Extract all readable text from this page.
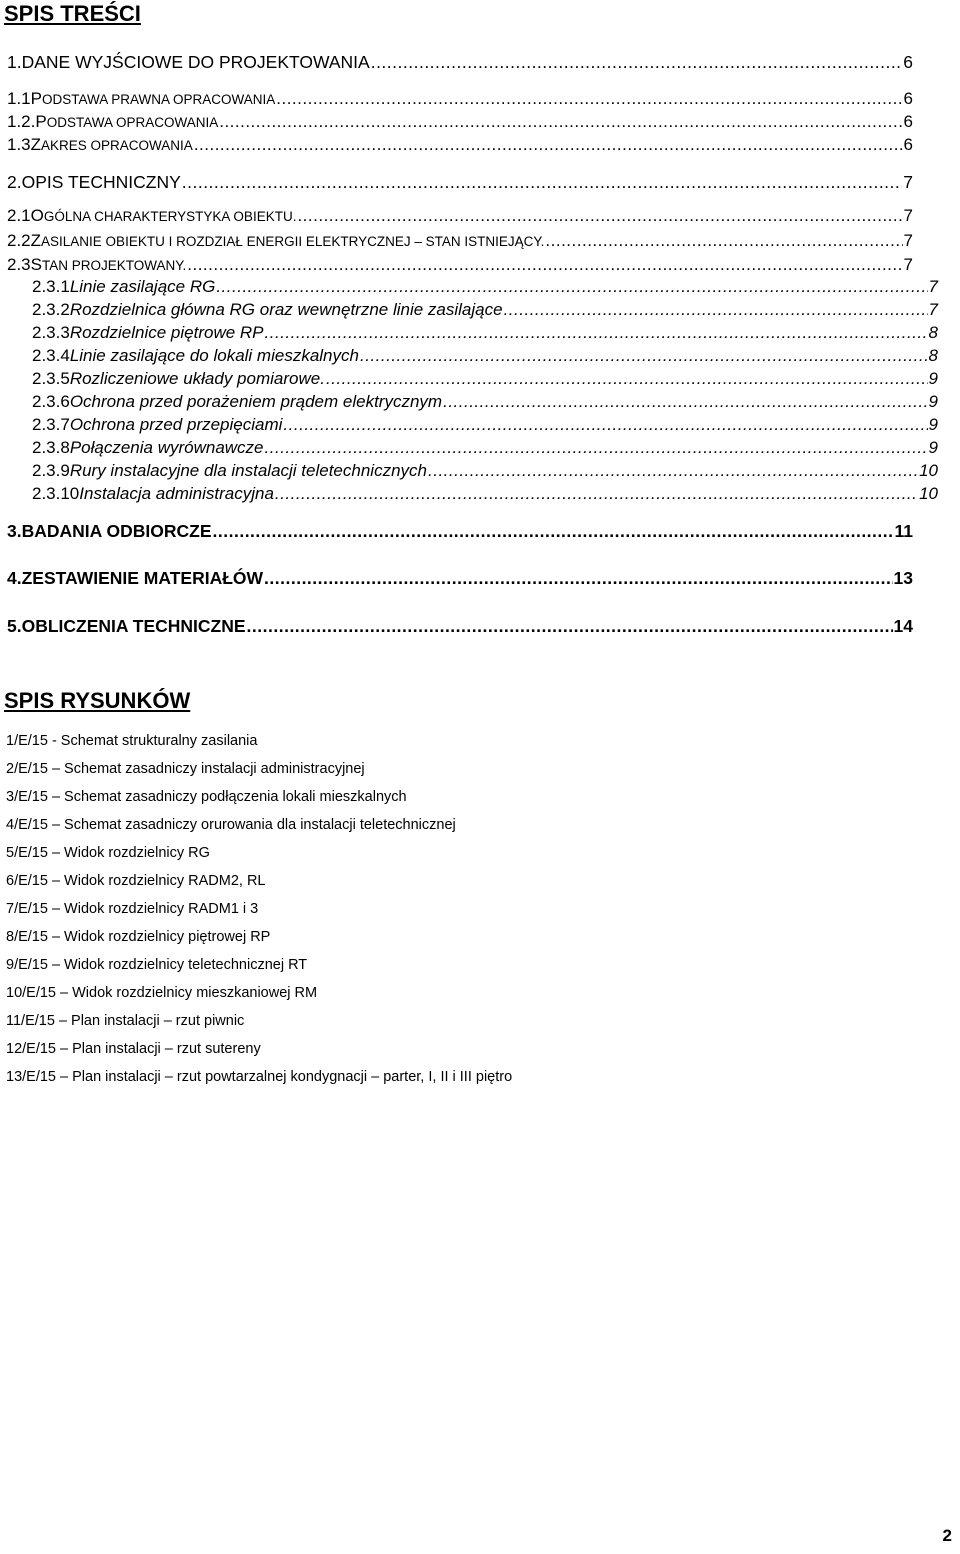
SPIS TREŚCI
1. DANE WYJŚCIOWE DO PROJEKTOWANIA .....	6
1.1 PODSTAWA PRAWNA OPRACOWANIA .....	6
1.2. PODSTAWA OPRACOWANIA .....	6
1.3 ZAKRES OPRACOWANIA .....	6
2. OPIS TECHNICZNY .....	7
2.1 OGÓLNA CHARAKTERYSTYKA OBIEKTU. .....	7
2.2 ZASILANIE OBIEKTU I ROZDZIAŁ ENERGII ELEKTRYCZNEJ – STAN ISTNIEJĄCY. .....	7
2.3 STAN PROJEKTOWANY. .....	7
2.3.1 Linie zasilające RG .....	7
2.3.2 Rozdzielnica główna RG oraz wewnętrzne linie zasilające .....	7
2.3.3 Rozdzielnice piętrowe RP .....	8
2.3.4 Linie zasilające do lokali mieszkalnych .....	8
2.3.5 Rozliczeniowe układy pomiarowe. .....	9
2.3.6 Ochrona przed porażeniem prądem elektrycznym .....	9
2.3.7 Ochrona przed przepięciami .....	9
2.3.8 Połączenia wyrównawcze .....	9
2.3.9 Rury instalacyjne dla instalacji teletechnicznych .....	10
2.3.10 Instalacja administracyjna .....	10
3. BADANIA ODBIORCZE .....	11
4. ZESTAWIENIE MATERIAŁÓW .....	13
5. OBLICZENIA TECHNICZNE .....	14
SPIS RYSUNKÓW

1/E/15 - Schemat strukturalny zasilania

2/E/15 – Schemat zasadniczy instalacji administracyjnej

3/E/15 – Schemat zasadniczy podłączenia lokali mieszkalnych

4/E/15 – Schemat zasadniczy orurowania dla instalacji teletechnicznej

5/E/15 – Widok rozdzielnicy RG

6/E/15 – Widok rozdzielnicy RADM2, RL

7/E/15 – Widok rozdzielnicy RADM1 i 3

8/E/15 – Widok rozdzielnicy piętrowej RP

9/E/15 – Widok rozdzielnicy teletechnicznej RT

10/E/15 – Widok rozdzielnicy mieszkaniowej RM

11/E/15 – Plan instalacji – rzut piwnic

12/E/15 – Plan instalacji – rzut sutereny

13/E/15 – Plan instalacji – rzut powtarzalnej kondygnacji – parter, I, II i III piętro

2
